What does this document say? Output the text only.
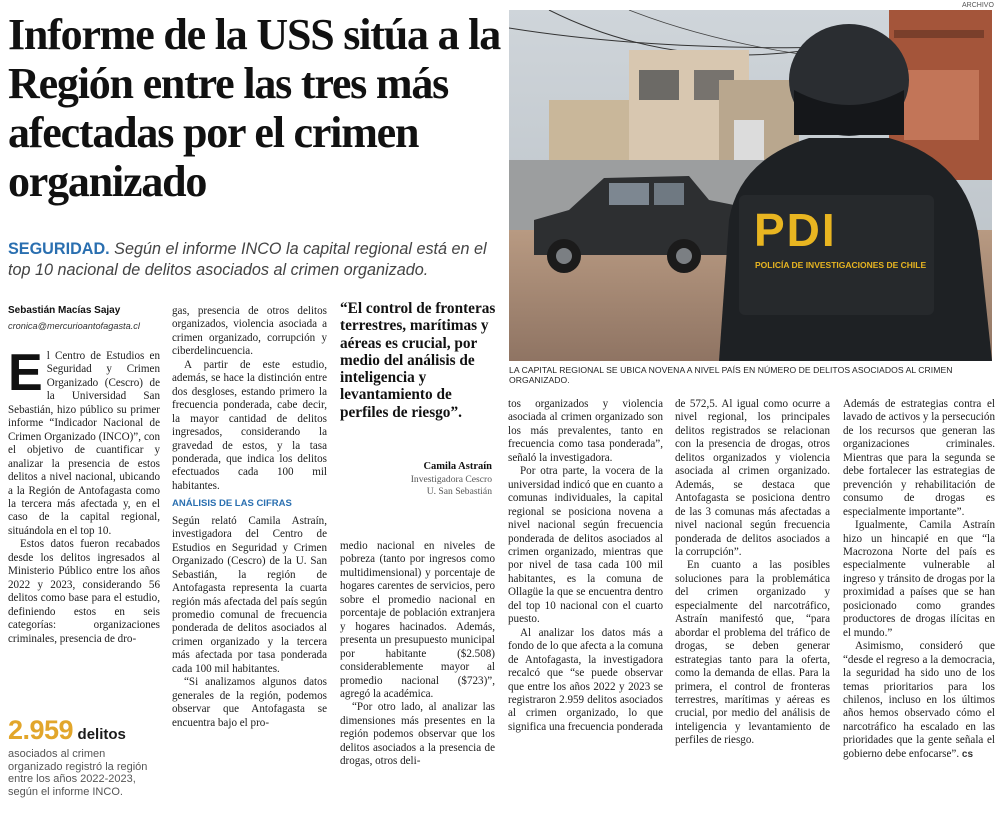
Informe de la USS sitúa a la Región entre las tres más afectadas por el crimen organizado
SEGURIDAD. Según el informe INCO la capital regional está en el top 10 nacional de delitos asociados al crimen organizado.
ARCHIVO
PDI
POLICÍA DE INVESTIGACIONES DE CHILE
LA CAPITAL REGIONAL SE UBICA NOVENA A NIVEL PAÍS EN NÚMERO DE DELITOS ASOCIADOS AL CRIMEN ORGANIZADO.
Sebastián Macías Sajay
cronica@mercurioantofagasta.cl

El Centro de Estudios en Seguridad y Crimen Organizado (Cescro) de la Universidad San Sebastián, hizo público su primer informe “Indicador Nacional de Crimen Organizado (INCO)”, con el objetivo de cuantificar y analizar la presencia de estos delitos a nivel nacional, ubicando a la Región de Antofagasta como la tercera más afectada y, en el caso de la capital regional, situándola en el top 10.

Estos datos fueron recabados desde los delitos ingresados al Ministerio Público entre los años 2022 y 2023, considerando 56 delitos como base para el estudio, definiendo estos en seis categorías: organizaciones criminales, presencia de dro-

2.959 delitos
asociados al crimen organizado registró la región entre los años 2022-2023, según el informe INCO.

gas, presencia de otros delitos organizados, violencia asociada a crimen organizado, corrupción y ciberdelincuencia.

A partir de este estudio, además, se hace la distinción entre dos desgloses, estando primero la frecuencia ponderada, cabe decir, la mayor cantidad de delitos ingresados, considerando la gravedad de estos, y la tasa ponderada, que indica los delitos efectuados cada 100 mil habitantes.

ANÁLISIS DE LAS CIFRAS

Según relató Camila Astraín, investigadora del Centro de Estudios en Seguridad y Crimen Organizado (Cescro) de la U. San Sebastián, la región de Antofagasta representa la cuarta región más afectada del país según promedio comunal de frecuencia ponderada de delitos asociados al crimen organizado y la tercera más afectada por tasa ponderada cada 100 mil habitantes.

“Si analizamos algunos datos generales de la región, podemos observar que Antofagasta se encuentra bajo el pro-

“El control de fronteras terrestres, marítimas y aéreas es crucial, por medio del análisis de inteligencia y levantamiento de perfiles de riesgo”.
Camila Astraín
Investigadora Cescro
U. San Sebastián

medio nacional en niveles de pobreza (tanto por ingresos como multidimensional) y porcentaje de hogares carentes de servicios, pero sobre el promedio nacional en porcentaje de población extranjera y hogares hacinados. Además, presenta un presupuesto municipal por habitante ($2.508) considerablemente mayor al promedio nacional ($723)”, agregó la académica.

“Por otro lado, al analizar las dimensiones más presentes en la región podemos observar que los delitos asociados a la presencia de drogas, otros deli-

tos organizados y violencia asociada al crimen organizado son los más prevalentes, tanto en frecuencia como tasa ponderada”, señaló la investigadora.

Por otra parte, la vocera de la universidad indicó que en cuanto a comunas individuales, la capital regional se posiciona novena a nivel nacional según frecuencia ponderada de delitos asociados al crimen organizado, mientras que por nivel de tasa cada 100 mil habitantes, es la comuna de Ollagüe la que se encuentra dentro del top 10 nacional con el cuarto puesto.

Al analizar los datos más a fondo de lo que afecta a la comuna de Antofagasta, la investigadora recalcó que “se puede observar que entre los años 2022 y 2023 se registraron 2.959 delitos asociados al crimen organizado, lo que significa una frecuencia ponderada

de 572,5. Al igual como ocurre a nivel regional, los principales delitos registrados se relacionan con la presencia de drogas, otros delitos organizados y violencia asociada al crimen organizado. Además, se destaca que Antofagasta se posiciona dentro de las 3 comunas más afectadas a nivel nacional según frecuencia ponderada de delitos asociados a la corrupción”.

En cuanto a las posibles soluciones para la problemática del crimen organizado y especialmente del narcotráfico, Astraín manifestó que, “para abordar el problema del tráfico de drogas, se deben generar estrategias tanto para la oferta, como la demanda de ellas. Para la primera, el control de fronteras terrestres, marítimas y aéreas es crucial, por medio del análisis de inteligencia y levantamiento de perfiles de riesgo.

Además de estrategias contra el lavado de activos y la persecución de los recursos que generan las organizaciones criminales. Mientras que para la segunda se debe fortalecer las estrategias de prevención y rehabilitación de consumo de drogas es especialmente importante”.

Igualmente, Camila Astraín hizo un hincapié en que “la Macrozona Norte del país es especialmente vulnerable al ingreso y tránsito de drogas por la proximidad a países que se han posicionado como grandes productores de drogas ilícitas en el mundo.”

Asimismo, consideró que “desde el regreso a la democracia, la seguridad ha sido uno de los temas prioritarios para los chilenos, incluso en los últimos años hemos observado cómo el narcotráfico ha escalado en las prioridades que la gente señala el gobierno debe enfocarse”. cs
